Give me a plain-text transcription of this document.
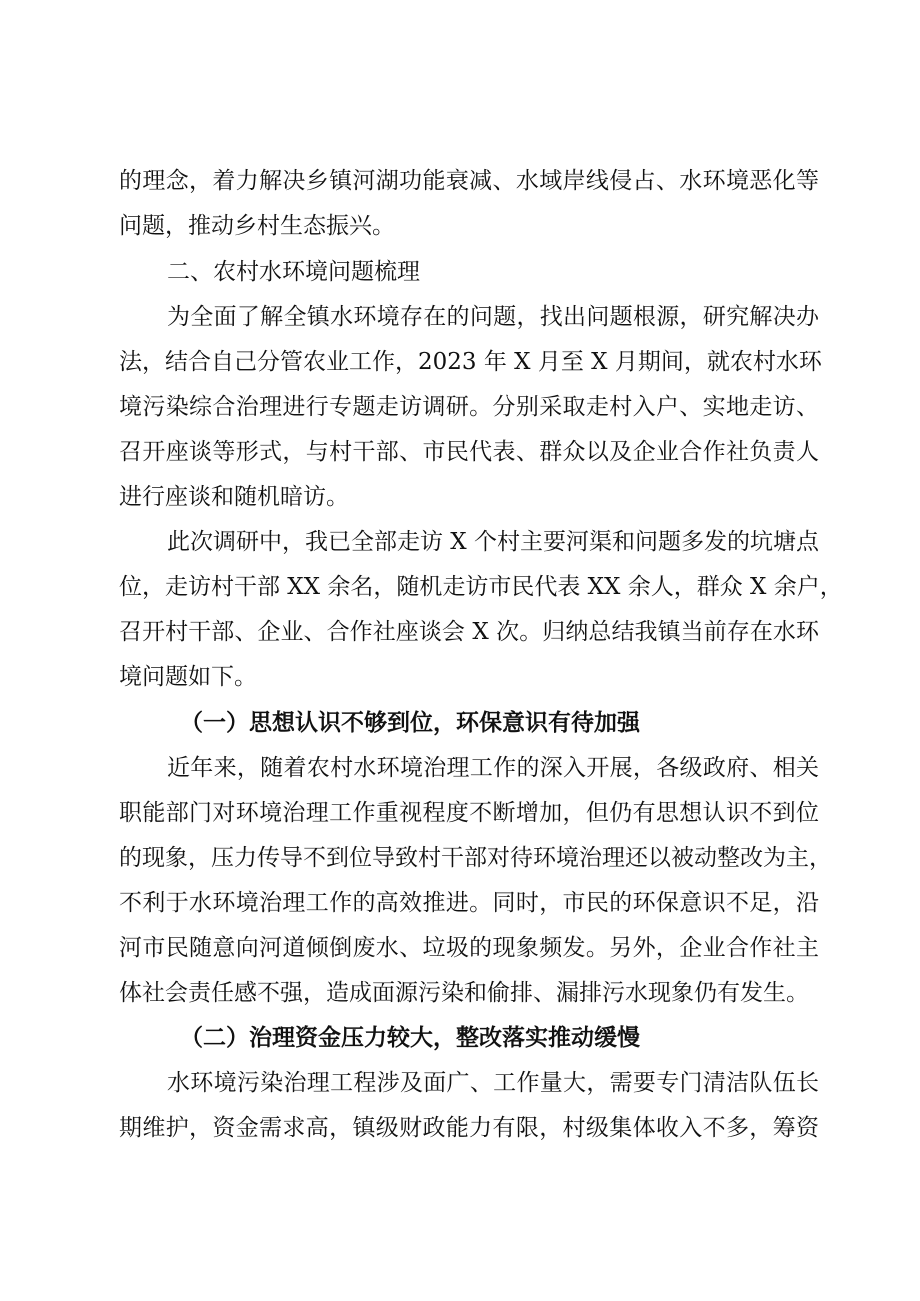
的理念，着力解决乡镇河湖功能衰减、水域岸线侵占、水环境恶化等
问题，推动乡村生态振兴。
二、农村水环境问题梳理
为全面了解全镇水环境存在的问题，找出问题根源，研究解决办
法，结合自己分管农业工作，2023 年 X 月至 X 月期间，就农村水环
境污染综合治理进行专题走访调研。分别采取走村入户、实地走访、
召开座谈等形式，与村干部、市民代表、群众以及企业合作社负责人
进行座谈和随机暗访。
此次调研中，我已全部走访 X 个村主要河渠和问题多发的坑塘点
位，走访村干部 XX 余名，随机走访市民代表 XX 余人，群众 X 余户，
召开村干部、企业、合作社座谈会 X 次。归纳总结我镇当前存在水环
境问题如下。
（一）思想认识不够到位，环保意识有待加强
近年来，随着农村水环境治理工作的深入开展，各级政府、相关
职能部门对环境治理工作重视程度不断增加，但仍有思想认识不到位
的现象，压力传导不到位导致村干部对待环境治理还以被动整改为主，
不利于水环境治理工作的高效推进。同时，市民的环保意识不足，沿
河市民随意向河道倾倒废水、垃圾的现象频发。另外，企业合作社主
体社会责任感不强，造成面源污染和偷排、漏排污水现象仍有发生。
（二）治理资金压力较大，整改落实推动缓慢
水环境污染治理工程涉及面广、工作量大，需要专门清洁队伍长
期维护，资金需求高，镇级财政能力有限，村级集体收入不多，筹资
